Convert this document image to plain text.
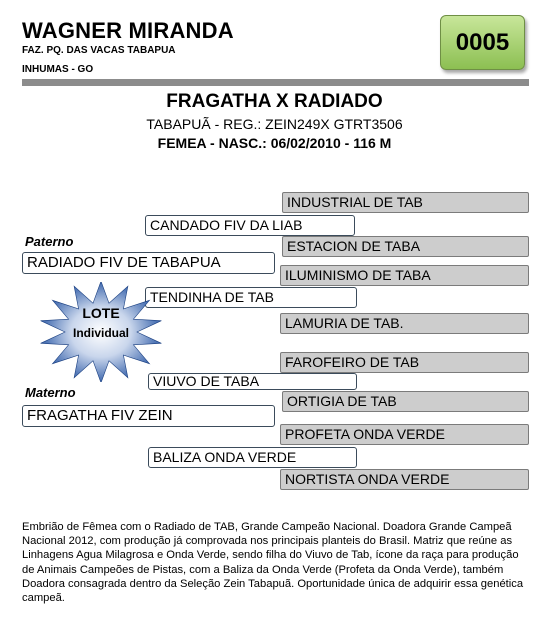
WAGNER MIRANDA
FAZ. PQ. DAS VACAS TABAPUA
INHUMAS - GO
0005
FRAGATHA X RADIADO
TABAPUÃ - REG.: ZEIN249X GTRT3506
FEMEA - NASC.: 06/02/2010 - 116 M
INDUSTRIAL DE TAB
ESTACION DE TABA
ILUMINISMO DE TABA
LAMURIA DE TAB.
FAROFEIRO DE TAB
ORTIGIA DE TAB
PROFETA ONDA VERDE
NORTISTA ONDA VERDE
CANDADO FIV DA LIAB
TENDINHA DE TAB
VIUVO DE TABA
BALIZA ONDA VERDE
Paterno
RADIADO FIV DE TABAPUA
Materno
FRAGATHA FIV ZEIN
LOTE
Individual
Embrião de Fêmea com o Radiado de TAB, Grande Campeão Nacional. Doadora Grande Campeã Nacional 2012, com produção já comprovada nos principais planteis do Brasil. Matriz que reúne as Linhagens Agua Milagrosa e Onda Verde, sendo filha do Viuvo de Tab, ícone da raça para produção de Animais Campeões de Pistas, com a Baliza da Onda Verde (Profeta da Onda Verde), também Doadora consagrada dentro da Seleção Zein Tabapuã. Oportunidade única de adquirir essa genética campeã.
